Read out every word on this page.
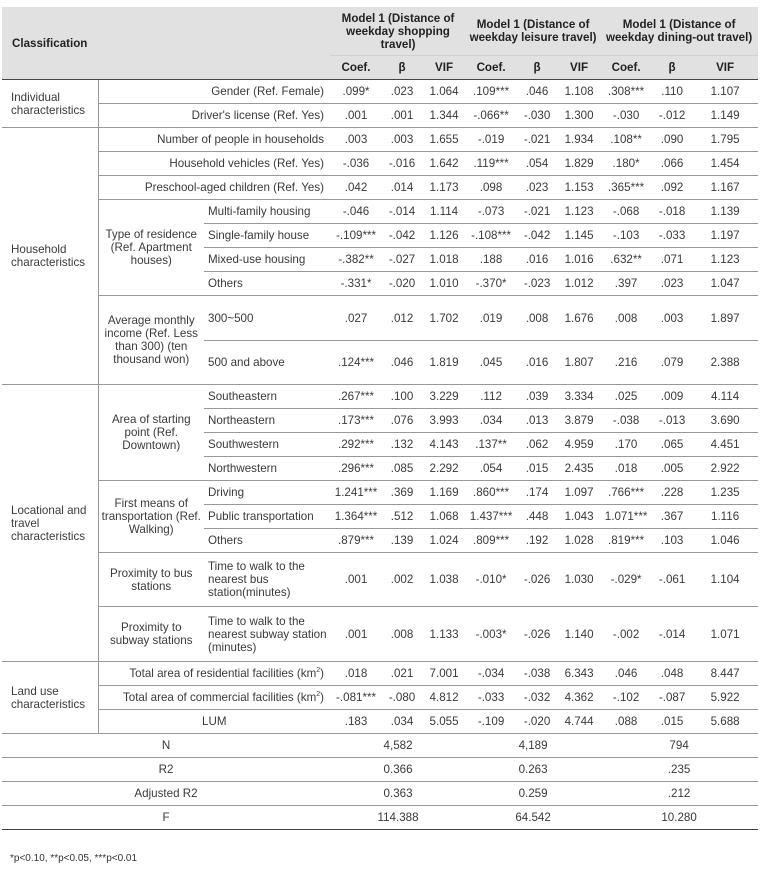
Classification			Model 1 (Distance of weekday shopping travel)			Model 1 (Distance of weekday leisure travel)			Model 1 (Distance of weekday dining-out travel)		
			Coef.	β	VIF	Coef.	β	VIF	Coef.	β	VIF
Individual characteristics	Gender (Ref. Female)		.099*	.023	1.064	.109***	.046	1.108	.308***	.110	1.107
	Driver's license (Ref. Yes)		.001	.001	1.344	-.066**	-.030	1.300	-.030	-.012	1.149
Household characteristics	Number of people in households		.003	.003	1.655	-.019	-.021	1.934	.108**	.090	1.795
	Household vehicles (Ref. Yes)		-.036	-.016	1.642	.119***	.054	1.829	.180*	.066	1.454
	Preschool-aged children (Ref. Yes)		.042	.014	1.173	.098	.023	1.153	.365***	.092	1.167
	Type of residence (Ref. Apartment houses)	Multi-family housing	-.046	-.014	1.114	-.073	-.021	1.123	-.068	-.018	1.139
		Single-family house	-.109***	-.042	1.126	-.108***	-.042	1.145	-.103	-.033	1.197
		Mixed-use housing	-.382**	-.027	1.018	.188	.016	1.016	.632**	.071	1.123
		Others	-.331*	-.020	1.010	-.370*	-.023	1.012	.397	.023	1.047
	Average monthly income (Ref. Less than 300) (ten thousand won)	300~500	.027	.012	1.702	.019	.008	1.676	.008	.003	1.897
		500 and above	.124***	.046	1.819	.045	.016	1.807	.216	.079	2.388
Locational and travel characteristics	Area of starting point (Ref. Downtown)	Southeastern	.267***	.100	3.229	.112	.039	3.334	.025	.009	4.114
		Northeastern	.173***	.076	3.993	.034	.013	3.879	-.038	-.013	3.690
		Southwestern	.292***	.132	4.143	.137**	.062	4.959	.170	.065	4.451
		Northwestern	.296***	.085	2.292	.054	.015	2.435	.018	.005	2.922
	First means of transportation (Ref. Walking)	Driving	1.241***	.369	1.169	.860***	.174	1.097	.766***	.228	1.235
		Public transportation	1.364***	.512	1.068	1.437***	.448	1.043	1.071***	.367	1.116
		Others	.879***	.139	1.024	.809***	.192	1.028	.819***	.103	1.046
	Proximity to bus stations	Time to walk to the nearest bus station(minutes)	.001	.002	1.038	-.010*	-.026	1.030	-.029*	-.061	1.104
	Proximity to subway stations	Time to walk to the nearest subway station (minutes)	.001	.008	1.133	-.003*	-.026	1.140	-.002	-.014	1.071
Land use characteristics	Total area of residential facilities $(km^2)$		.018	.021	7.001	-.034	-.038	6.343	.046	.048	8.447
	Total area of commercial facilities $(km^2)$		-.081***	-.080	4.812	-.033	-.032	4.362	-.102	-.087	5.922
	LUM		.183	.034	5.055	-.109	-.020	4.744	.088	.015	5.688
N			4,582			4,189			794		
R2			0.366			0.263			.235		
Adjusted R2			0.363			0.259			.212		
F			114.388			64.542			10.280		
*p<0.10, **p<0.05, ***p<0.01
